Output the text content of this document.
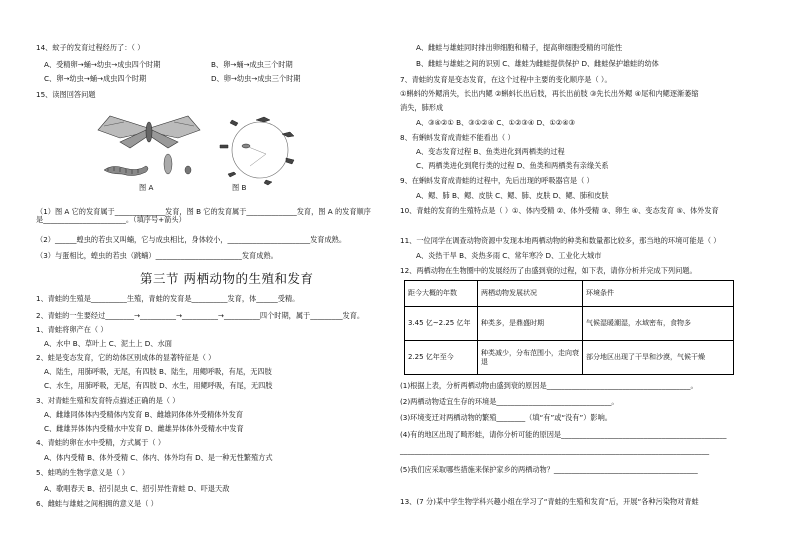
14、蚊子的发育过程经历了：（ ）
A、受精卵→蛹→幼虫→成虫四个时期	B、卵→蛹→成虫三个时期
C、卵→幼虫→蛹→成虫四个时期	D、卵→幼虫→成虫三个时期
15、读图回答问题
图 A	图 B
（1）图 A 它的发育属于______________发育，图 B 它的发育属于______________发育，图 A 的发育顺序是_______________________。（填序号+箭头）
（2）______蝗虫的若虫又叫蝻，它与成虫相比，身体较小，_______________________发育成熟。
（3）与蛋相比，蝗虫的若虫（跳蝻）________________________发育成熟。
第三节 两栖动物的生殖和发育
1、青蛙的生殖是__________生殖，青蛙的发育是__________发育，体______受精。
2、青蛙的一生要经过________→__________→__________→__________四个时期，属于_________发育。
1、青蛙将卵产在（ ）
A、水中 B、草叶上 C、泥土上 D、水面
2、蛙是变态发育，它的幼体区别成体的显著特征是（ ）
A、陆生，用肺呼吸，无尾，有四肢 B、陆生，用鳃呼吸，有尾，无四肢
C、水生，用肺呼吸，无尾，有四肢 D、水生，用鳃呼吸，有尾，无四肢
3、对青蛙生殖和发育特点描述正确的是（ ）
A、雌雄同体体内受精体内发育 B、雌雄同体体外受精体外发育
C、雌雄异体体内受精水中发育 D、雌雄异体体外受精水中发育
4、青蛙的卵在水中受精，方式属于（ ）
A、体内受精 B、体外受精 C、体内、体外均有 D、是一种无性繁殖方式
5、蛙鸣的生物学意义是（ ）
A、歌唱春天 B、招引昆虫 C、招引异性青蛙 D、吓退天敌
6、雌蛙与雄蛙之间相拥的意义是（ ）
A、雌蛙与雄蛙同时排出卵细胞和精子，提高卵细胞受精的可能性
B、雌蛙与雄蛙之间的识别 C、雄蛙为雌蛙提供保护 D、雌蛙保护雄蛙的幼体
7、青蛙的发育是变态发育，在这个过程中主要的变化顺序是（ ）。
①蝌蚪的外鳃消失，长出内鳃 ②蝌蚪长出后肢，再长出前肢 ③先长出外鳃 ④尾和内鳃逐渐萎缩
消失，肺形成
A、③④②① B、③①②④ C、①②③④ D、①②④③
8、有蝌蚪发育成青蛙不能看出（ ）
A、变态发育过程 B、鱼类进化到两栖类的过程
C、两栖类进化到爬行类的过程 D、鱼类和两栖类有亲缘关系
9、在蝌蚪发育成青蛙的过程中，先后出现的呼吸器官是（ ）
A、鳃、肺 B、鳃、皮肤 C、鳃、肺、皮肤 D、鳃、肺和皮肤
10、青蛙的发育的生殖特点是（ ）①、体内受精 ②、体外受精 ③、卵生 ④、变态发育 ⑤、体外发育
11、一位同学在调查动物资源中发现本地两栖动物的种类和数量都比较多，那当地的环境可能是（ ）
A、炎热干旱 B、炎热多雨 C、常年寒冷 D、工业化大城市
12、两栖动物在生物圈中的发展经历了由盛到衰的过程，如下表，请你分析并完成下列问题。
距今大概的年数	两栖动物发展状况	环境条件
3.45 亿~2.25 亿年	种类多，是鼎盛时期	气候湿暖潮湿，水域密布，食物多
2.25 亿年至今	种类减少，分布范围小，走向衰退	部分地区出现了干旱和沙漠，气候干燥
(1)根据上表，分析两栖动物由盛到衰的原因是________________________________________。
(2)两栖动物适宜生存的环境是________________________________。
(3)环境变迁对两栖动物的繁殖________（填“有”或“没有”）影响。
(4)有的地区出现了畸形蛙，请你分析可能的原因是______________________________________________
______________________________________________________________________________________
(5)我们应采取哪些措施来保护家乡的两栖动物？________________________________________
13、(7 分)某中学生物学科兴趣小组在学习了“青蛙的生殖和发育”后，开展“各种污染物对青蛙
